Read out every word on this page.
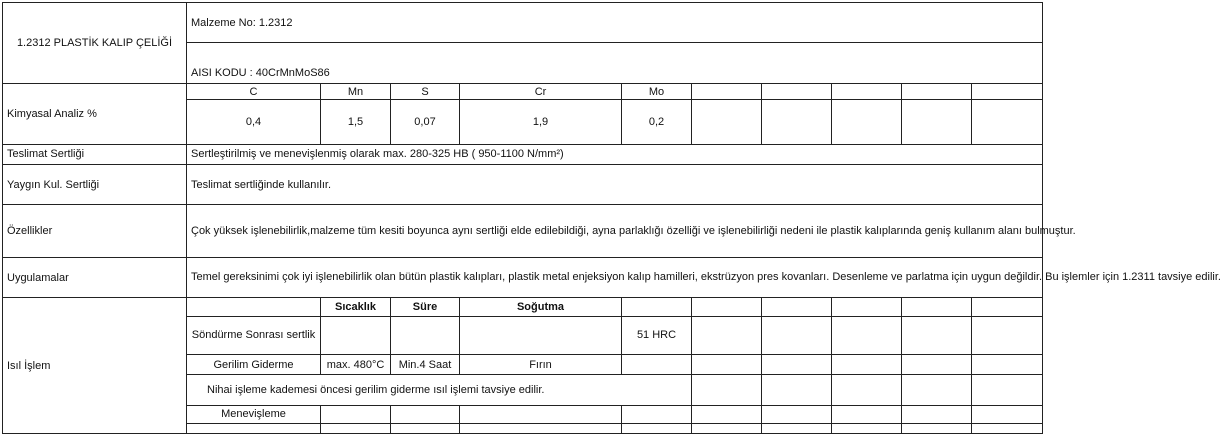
1.2312 PLASTİK KALIP ÇELİĞİ	Malzeme No: 1.2312									
	AISI KODU : 40CrMnMoS86									
Kimyasal Analiz %	C	Mn	S	Cr	Mo					
	0,4	1,5	0,07	1,9	0,2					
Teslimat Sertliği	Sertleştirilmiş ve menevişlenmiş olarak max. 280-325 HB ( 950-1100 N/mm²)									
Yaygın Kul. Sertliği	Teslimat sertliğinde kullanılır.									
Özellikler	Çok yüksek işlenebilirlik,malzeme tüm kesiti boyunca aynı sertliği elde edilebildiği, ayna parlaklığı özelliği ve işlenebilirliği nedeni ile plastik kalıplarında geniş kullanım alanı bulmuştur.									
Uygulamalar	Temel gereksinimi çok iyi işlenebilirlik olan bütün plastik kalıpları, plastik metal enjeksiyon kalıp hamilleri, ekstrüzyon pres kovanları. Desenleme ve parlatma için uygun değildir. Bu işlemler için 1.2311 tavsiye edilir.									
Isıl İşlem		Sıcaklık	Süre	Soğutma						
	Söndürme Sonrası sertlik				51 HRC					
	Gerilim Giderme	max. 480°C	Min.4 Saat	Fırın						
	Nihai işleme kademesi öncesi gerilim giderme ısıl işlemi tavsiye edilir.									
	Menevişleme									
